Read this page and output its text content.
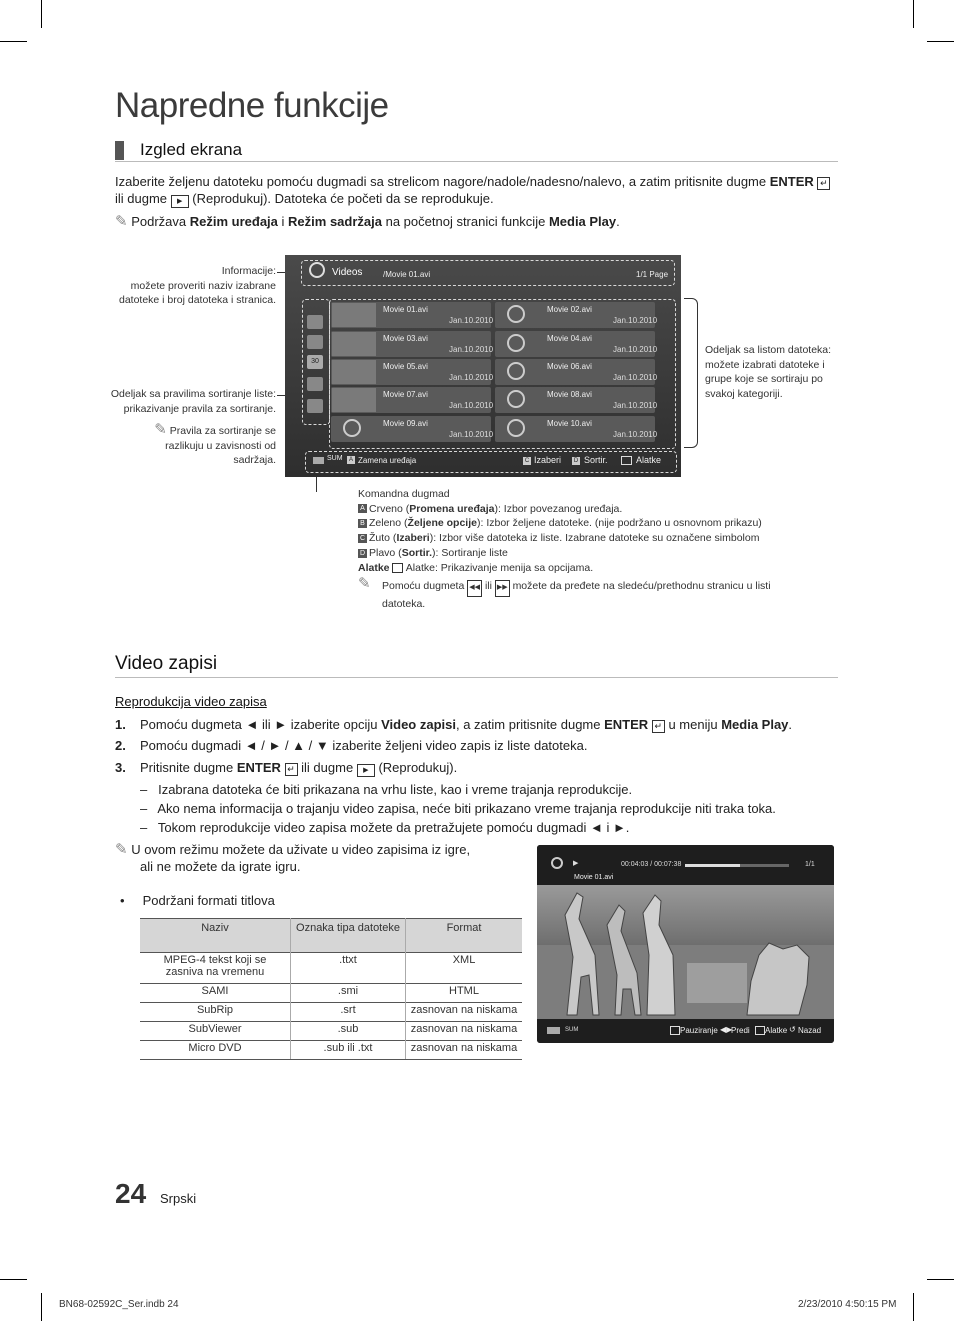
Napredne funkcije
Izgled ekrana
Izaberite željenu datoteku pomoću dugmadi sa strelicom nagore/nadole/nadesno/nalevo, a zatim pritisnite dugme ENTER ↵
ili dugme ▶ (Reprodukuj). Datoteka će početi da se reprodukuje.
✎ Podržava Režim uređaja i Režim sadržaja na početnoj stranici funkcije Media Play.
Informacije:
možete proveriti naziv izabrane
datoteke i broj datoteka i stranica.
Odeljak sa pravilima sortiranje liste:
prikazivanje pravila za sortiranje.
✎ Pravila za sortiranje se
razlikuju u zavisnosti od
sadržaja.
Odeljak sa listom datoteka:
možete izabrati datoteke i
grupe koje se sortiraju po
svakoj kategoriji.
Videos	/Movie 01.avi	1/1 Page
30
SUM	A Zamena uređaja	C Izaberi	D Sortir.	Alatke
Movie 01.avi
Jan.10.2010
Movie 02.avi
Jan.10.2010
Movie 03.avi
Jan.10.2010
Movie 04.avi
Jan.10.2010
Movie 05.avi
Jan.10.2010
Movie 06.avi
Jan.10.2010
Movie 07.avi
Jan.10.2010
Movie 08.avi
Jan.10.2010
Movie 09.avi
Jan.10.2010
Movie 10.avi
Jan.10.2010
Komandna dugmad
A Crveno (Promena uređaja): Izbor povezanog uređaja.
B Zeleno (Željene opcije): Izbor željene datoteke. (nije podržano u osnovnom prikazu)
C Žuto (Izaberi): Izbor više datoteka iz liste. Izabrane datoteke su označene simbolom
D Plavo (Sortir.): Sortiranje liste
Alatke Alatke: Prikazivanje menija sa opcijama.
✎ Pomoću dugmeta ◀◀ ili ▶▶ možete da pređete na sledeću/prethodnu stranicu u listi
datoteka.
Video zapisi
Reprodukcija video zapisa
1. Pomoću dugmeta ◄ ili ► izaberite opciju Video zapisi, a zatim pritisnite dugme ENTER ↵ u meniju Media Play.
2. Pomoću dugmadi ◄ / ► / ▲ / ▼ izaberite željeni video zapis iz liste datoteka.
3. Pritisnite dugme ENTER ↵ ili dugme ▶ (Reprodukuj).
–   Izabrana datoteka će biti prikazana na vrhu liste, kao i vreme trajanja reprodukcije.
–   Ako nema informacija o trajanju video zapisa, neće biti prikazano vreme trajanja reprodukcije niti traka toka.
–   Tokom reprodukcije video zapisa možete da pretražujete pomoću dugmadi ◄ i ►.
✎ U ovom režimu možete da uživate u video zapisima iz igre,
ali ne možete da igrate igru.
• Podržani formati titlova
Naziv	Oznaka tipa datoteke	Format
MPEG-4 tekst koji se zasniva na vremenu	.ttxt	XML
SAMI	.smi	HTML
SubRip	.srt	zasnovan na niskama
SubViewer	.sub	zasnovan na niskama
Micro DVD	.sub ili .txt	zasnovan na niskama
▶	00:04:03 / 00:07:38	1/1
Movie 01.avi
SUM	Pauziranje ◀▶
Predi Alatke ↺ Nazad
24 Srpski
BN68-02592C_Ser.indb 24	2/23/2010 4:50:15 PM
